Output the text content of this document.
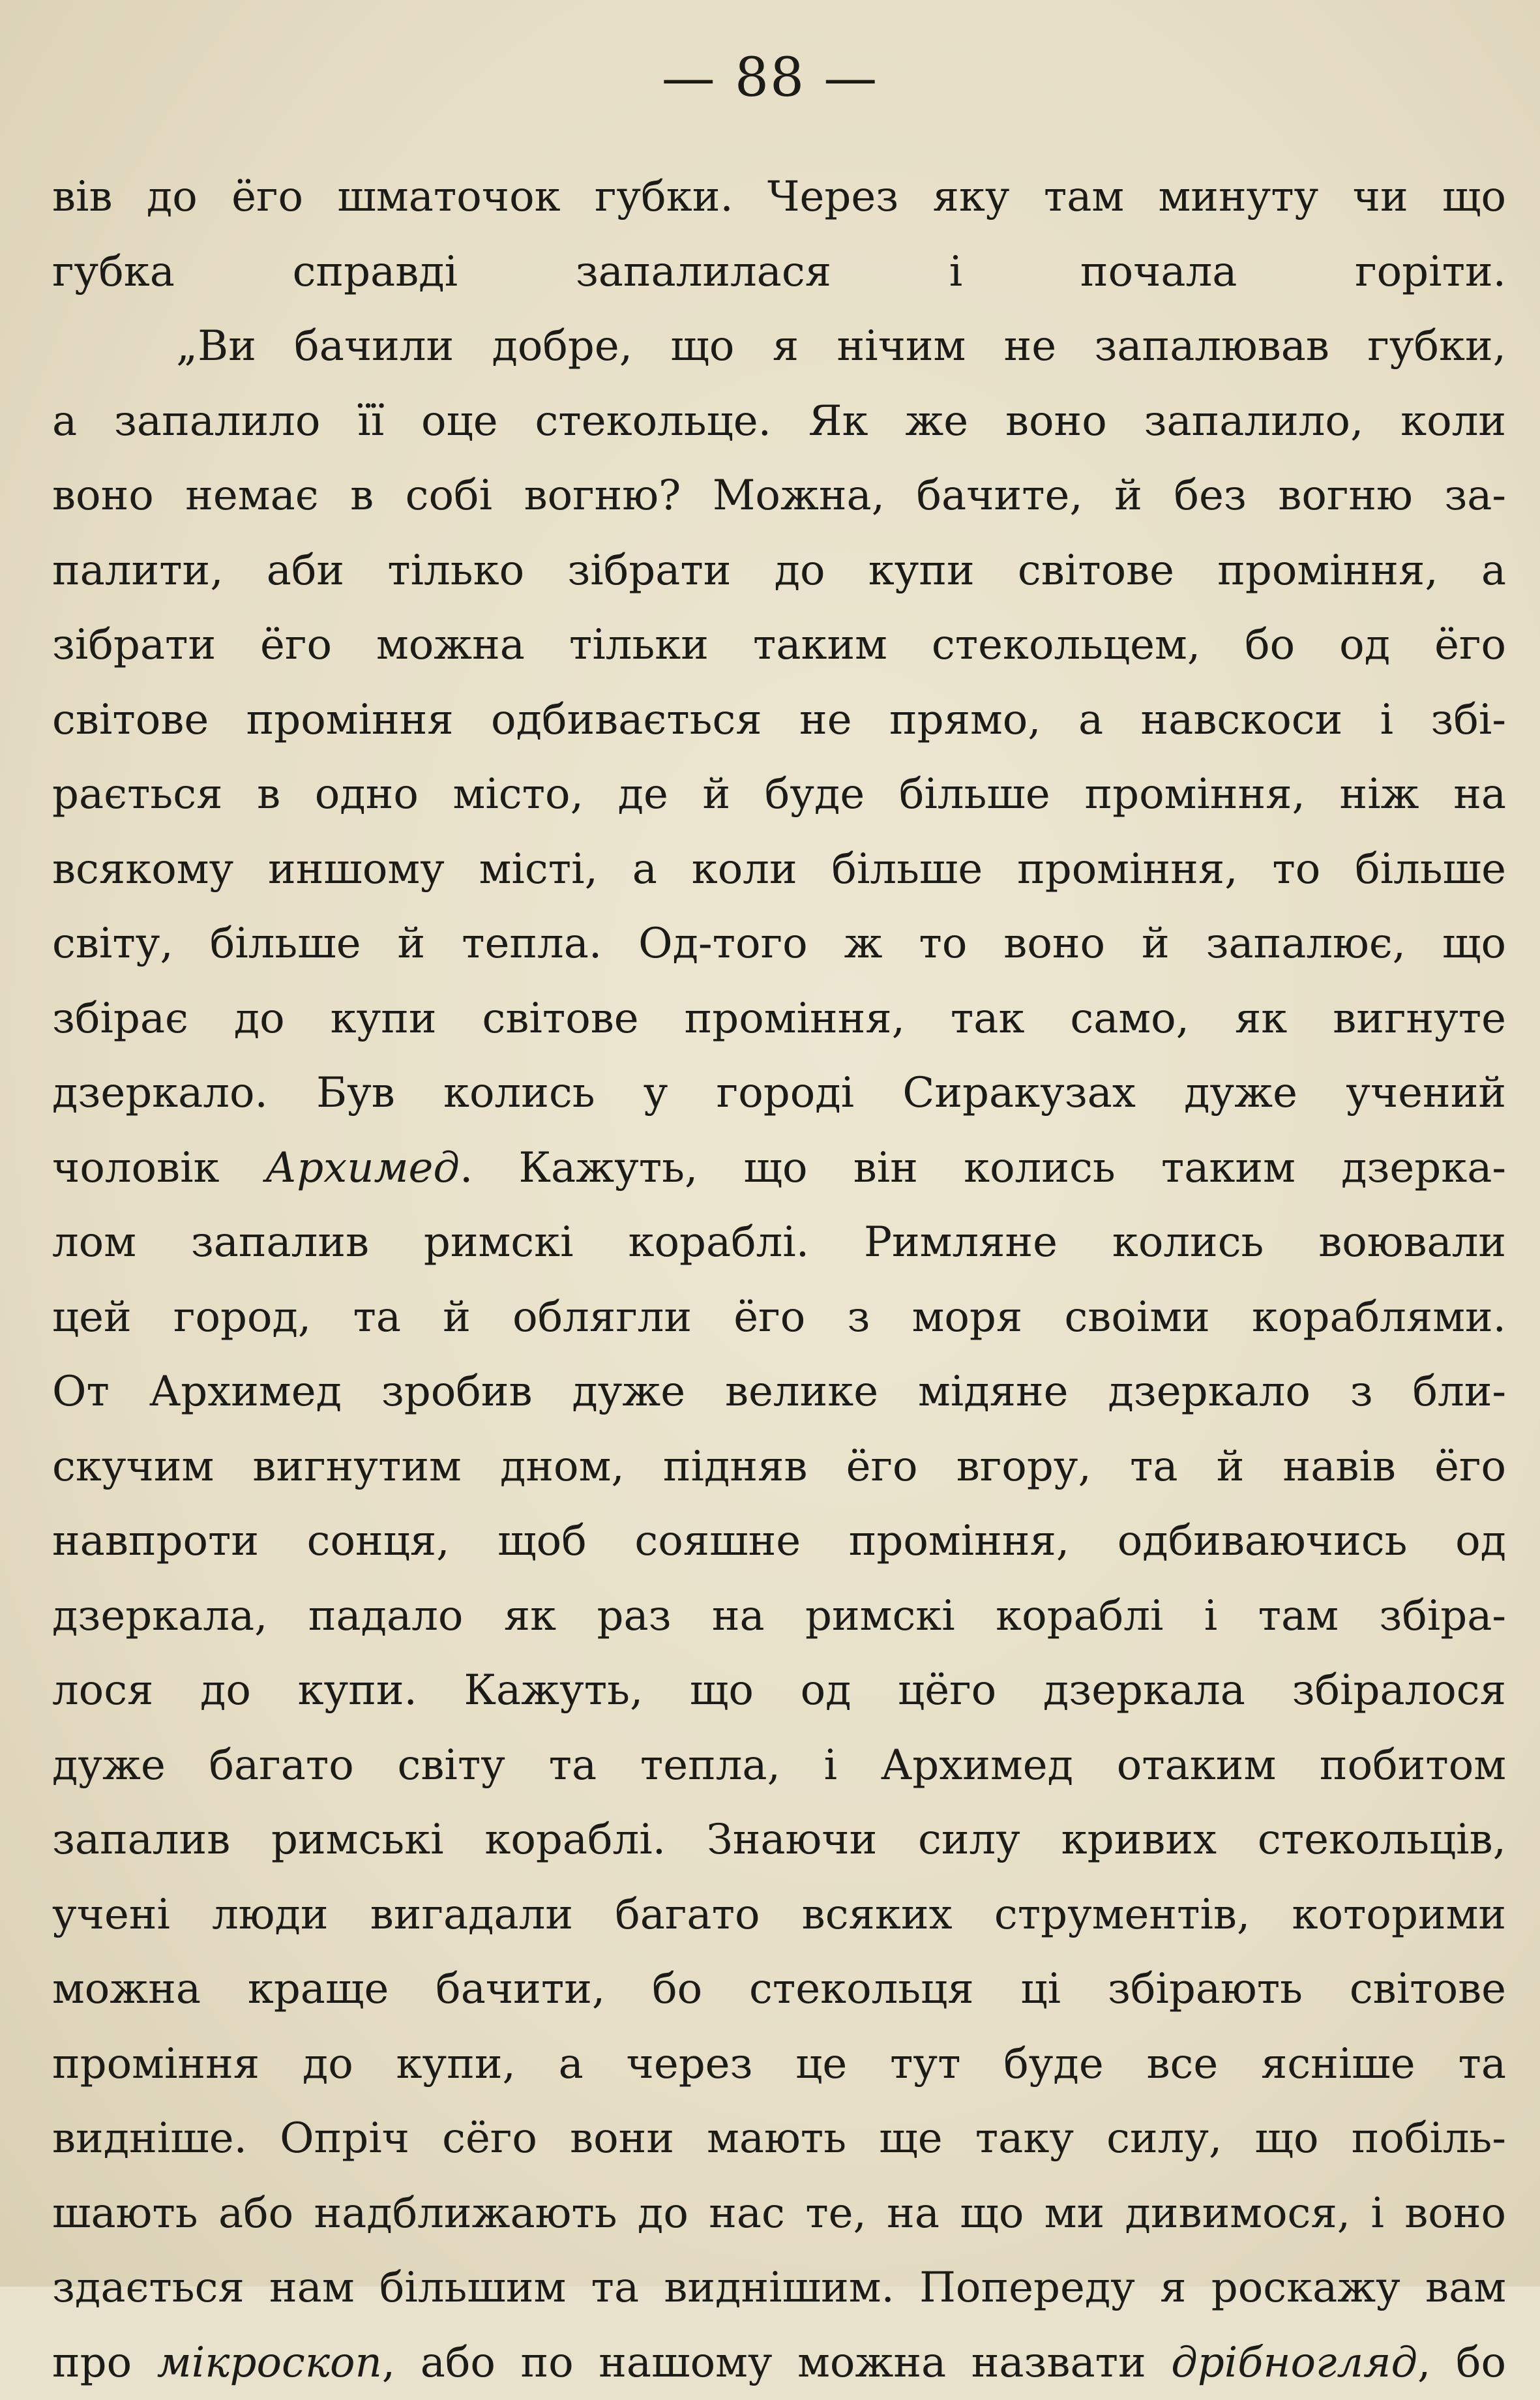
— 88 —
вів до ёго шматочок губки. Через яку там минуту чи що
губка справді запалилася і почала горіти.
„Ви бачили добре, що я нічим не запалював губки,
а запалило її оце стекольце. Як же воно запалило, коли
воно немає в собі вогню? Можна, бачите, й без вогню за-
палити, аби тілько зібрати до купи світове проміння, а
зібрати ёго можна тільки таким стекольцем, бо од ёго
світове проміння одбивається не прямо, а навскоси і збі-
рається в одно місто, де й буде більше проміння, ніж на
всякому иншому місті, а коли більше проміння, то більше
світу, більше й тепла. Од-того ж то воно й запалює, що
збірає до купи світове проміння, так само, як вигнуте
дзеркало. Був колись у городі Сиракузах дуже учений
чоловік Архимед. Кажуть, що він колись таким дзерка-
лом запалив римскі кораблі. Римляне колись воювали
цей город, та й облягли ёго з моря своіми кораблями.
От Архимед зробив дуже велике мідяне дзеркало з бли-
скучим вигнутим дном, підняв ёго вгору, та й навів ёго
навпроти сонця, щоб сояшне проміння, одбиваючись од
дзеркала, падало як раз на римскі кораблі і там збіра-
лося до купи. Кажуть, що од цёго дзеркала збіралося
дуже багато світу та тепла, і Архимед отаким побитом
запалив римські кораблі. Знаючи силу кривих стекольців,
учені люди вигадали багато всяких струментів, которими
можна краще бачити, бо стекольця ці збірають світове
проміння до купи, а через це тут буде все ясніше та
видніше. Опріч сёго вони мають ще таку силу, що побіль-
шають або надближають до нас те, на що ми дивимося, і воно
здається нам більшим та виднішим. Попереду я роскажу вам
про мікроскоп, або по нашому можна назвати дрібногляд, бо
